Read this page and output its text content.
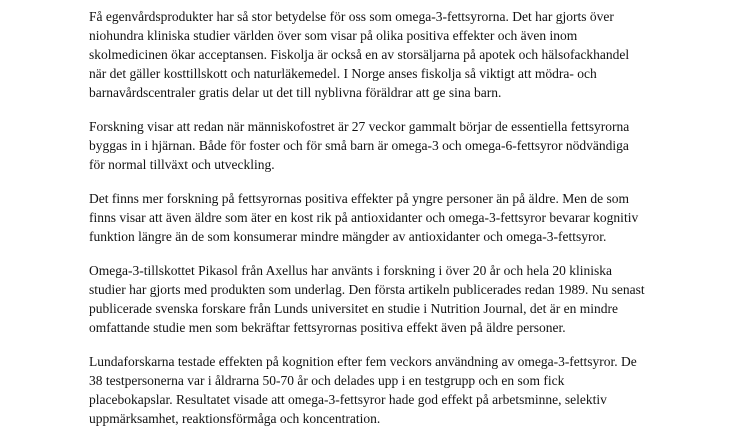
Få egenvårdsprodukter har så stor betydelse för oss som omega-3-fettsyrorna. Det har gjorts över
niohundra kliniska studier världen över som visar på olika positiva effekter och även inom
skolmedicinen ökar acceptansen. Fiskolja är också en av storsäljarna på apotek och hälsofackhandel
när det gäller kosttillskott och naturläkemedel. I Norge anses fiskolja så viktigt att mödra- och
barnavårdscentraler gratis delar ut det till nyblivna föräldrar att ge sina barn.

Forskning visar att redan när människofostret är 27 veckor gammalt börjar de essentiella fettsyrorna
byggas in i hjärnan. Både för foster och för små barn är omega-3 och omega-6-fettsyror nödvändiga
för normal tillväxt och utveckling.

Det finns mer forskning på fettsyrornas positiva effekter på yngre personer än på äldre. Men de som
finns visar att även äldre som äter en kost rik på antioxidanter och omega-3-fettsyror bevarar kognitiv
funktion längre än de som konsumerar mindre mängder av antioxidanter och omega-3-fettsyror.

Omega-3-tillskottet Pikasol från Axellus har använts i forskning i över 20 år och hela 20 kliniska
studier har gjorts med produkten som underlag. Den första artikeln publicerades redan 1989. Nu senast
publicerade svenska forskare från Lunds universitet en studie i Nutrition Journal, det är en mindre
omfattande studie men som bekräftar fettsyrornas positiva effekt även på äldre personer.

Lundaforskarna testade effekten på kognition efter fem veckors användning av omega-3-fettsyror. De
38 testpersonerna var i åldrarna 50-70 år och delades upp i en testgrupp och en som fick
placebokapslar. Resultatet visade att omega-3-fettsyror hade god effekt på arbetsminne, selektiv
uppmärksamhet, reaktionsförmåga och koncentration.
